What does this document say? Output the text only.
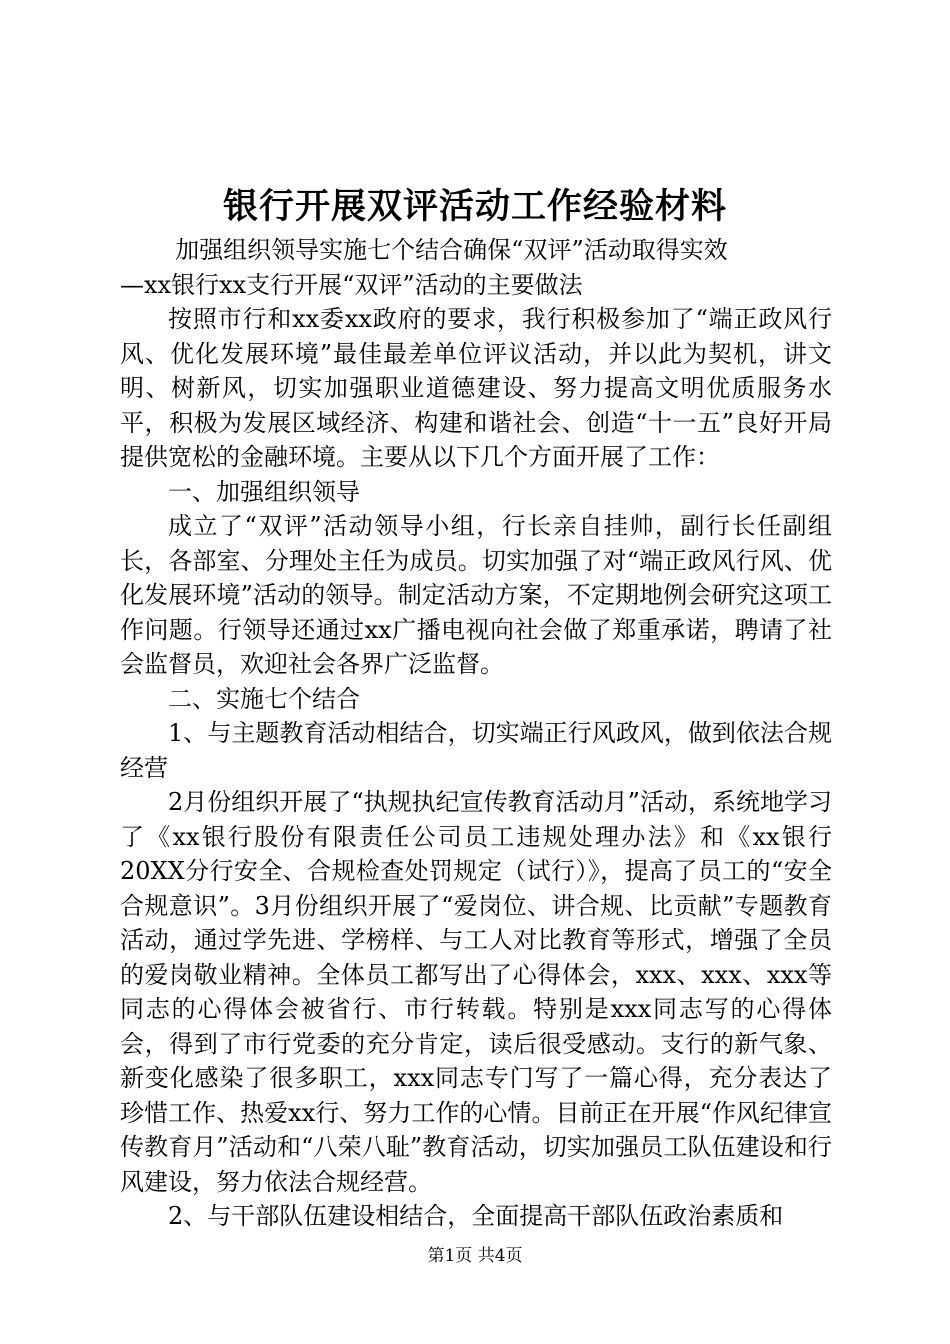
银行开展双评活动工作经验材料

加强组织领导实施七个结合确保“双评”活动取得实效

—xx银行xx支行开展“双评”活动的主要做法

按照市行和xx委xx政府的要求，我行积极参加了“端正政风行风、优化发展环境”最佳最差单位评议活动，并以此为契机，讲文明、树新风，切实加强职业道德建设、努力提高文明优质服务水平，积极为发展区域经济、构建和谐社会、创造“十一五”良好开局提供宽松的金融环境。主要从以下几个方面开展了工作：

一、加强组织领导

成立了“双评”活动领导小组，行长亲自挂帅，副行长任副组长，各部室、分理处主任为成员。切实加强了对“端正政风行风、优化发展环境”活动的领导。制定活动方案，不定期地例会研究这项工作问题。行领导还通过xx广播电视向社会做了郑重承诺，聘请了社会监督员，欢迎社会各界广泛监督。

二、实施七个结合

1、与主题教育活动相结合，切实端正行风政风，做到依法合规经营

2月份组织开展了“执规执纪宣传教育活动月”活动，系统地学习了《xx银行股份有限责任公司员工违规处理办法》和《xx银行20XX分行安全、合规检查处罚规定（试行）》，提高了员工的“安全合规意识”。3月份组织开展了“爱岗位、讲合规、比贡献”专题教育活动，通过学先进、学榜样、与工人对比教育等形式，增强了全员的爱岗敬业精神。全体员工都写出了心得体会，xxx、xxx、xxx等同志的心得体会被省行、市行转载。特别是xxx同志写的心得体会，得到了市行党委的充分肯定，读后很受感动。支行的新气象、新变化感染了很多职工，xxx同志专门写了一篇心得，充分表达了珍惜工作、热爱xx行、努力工作的心情。目前正在开展“作风纪律宣传教育月”活动和“八荣八耻”教育活动，切实加强员工队伍建设和行风建设，努力依法合规经营。

2、与干部队伍建设相结合，全面提高干部队伍政治素质和

第1页 共4页
